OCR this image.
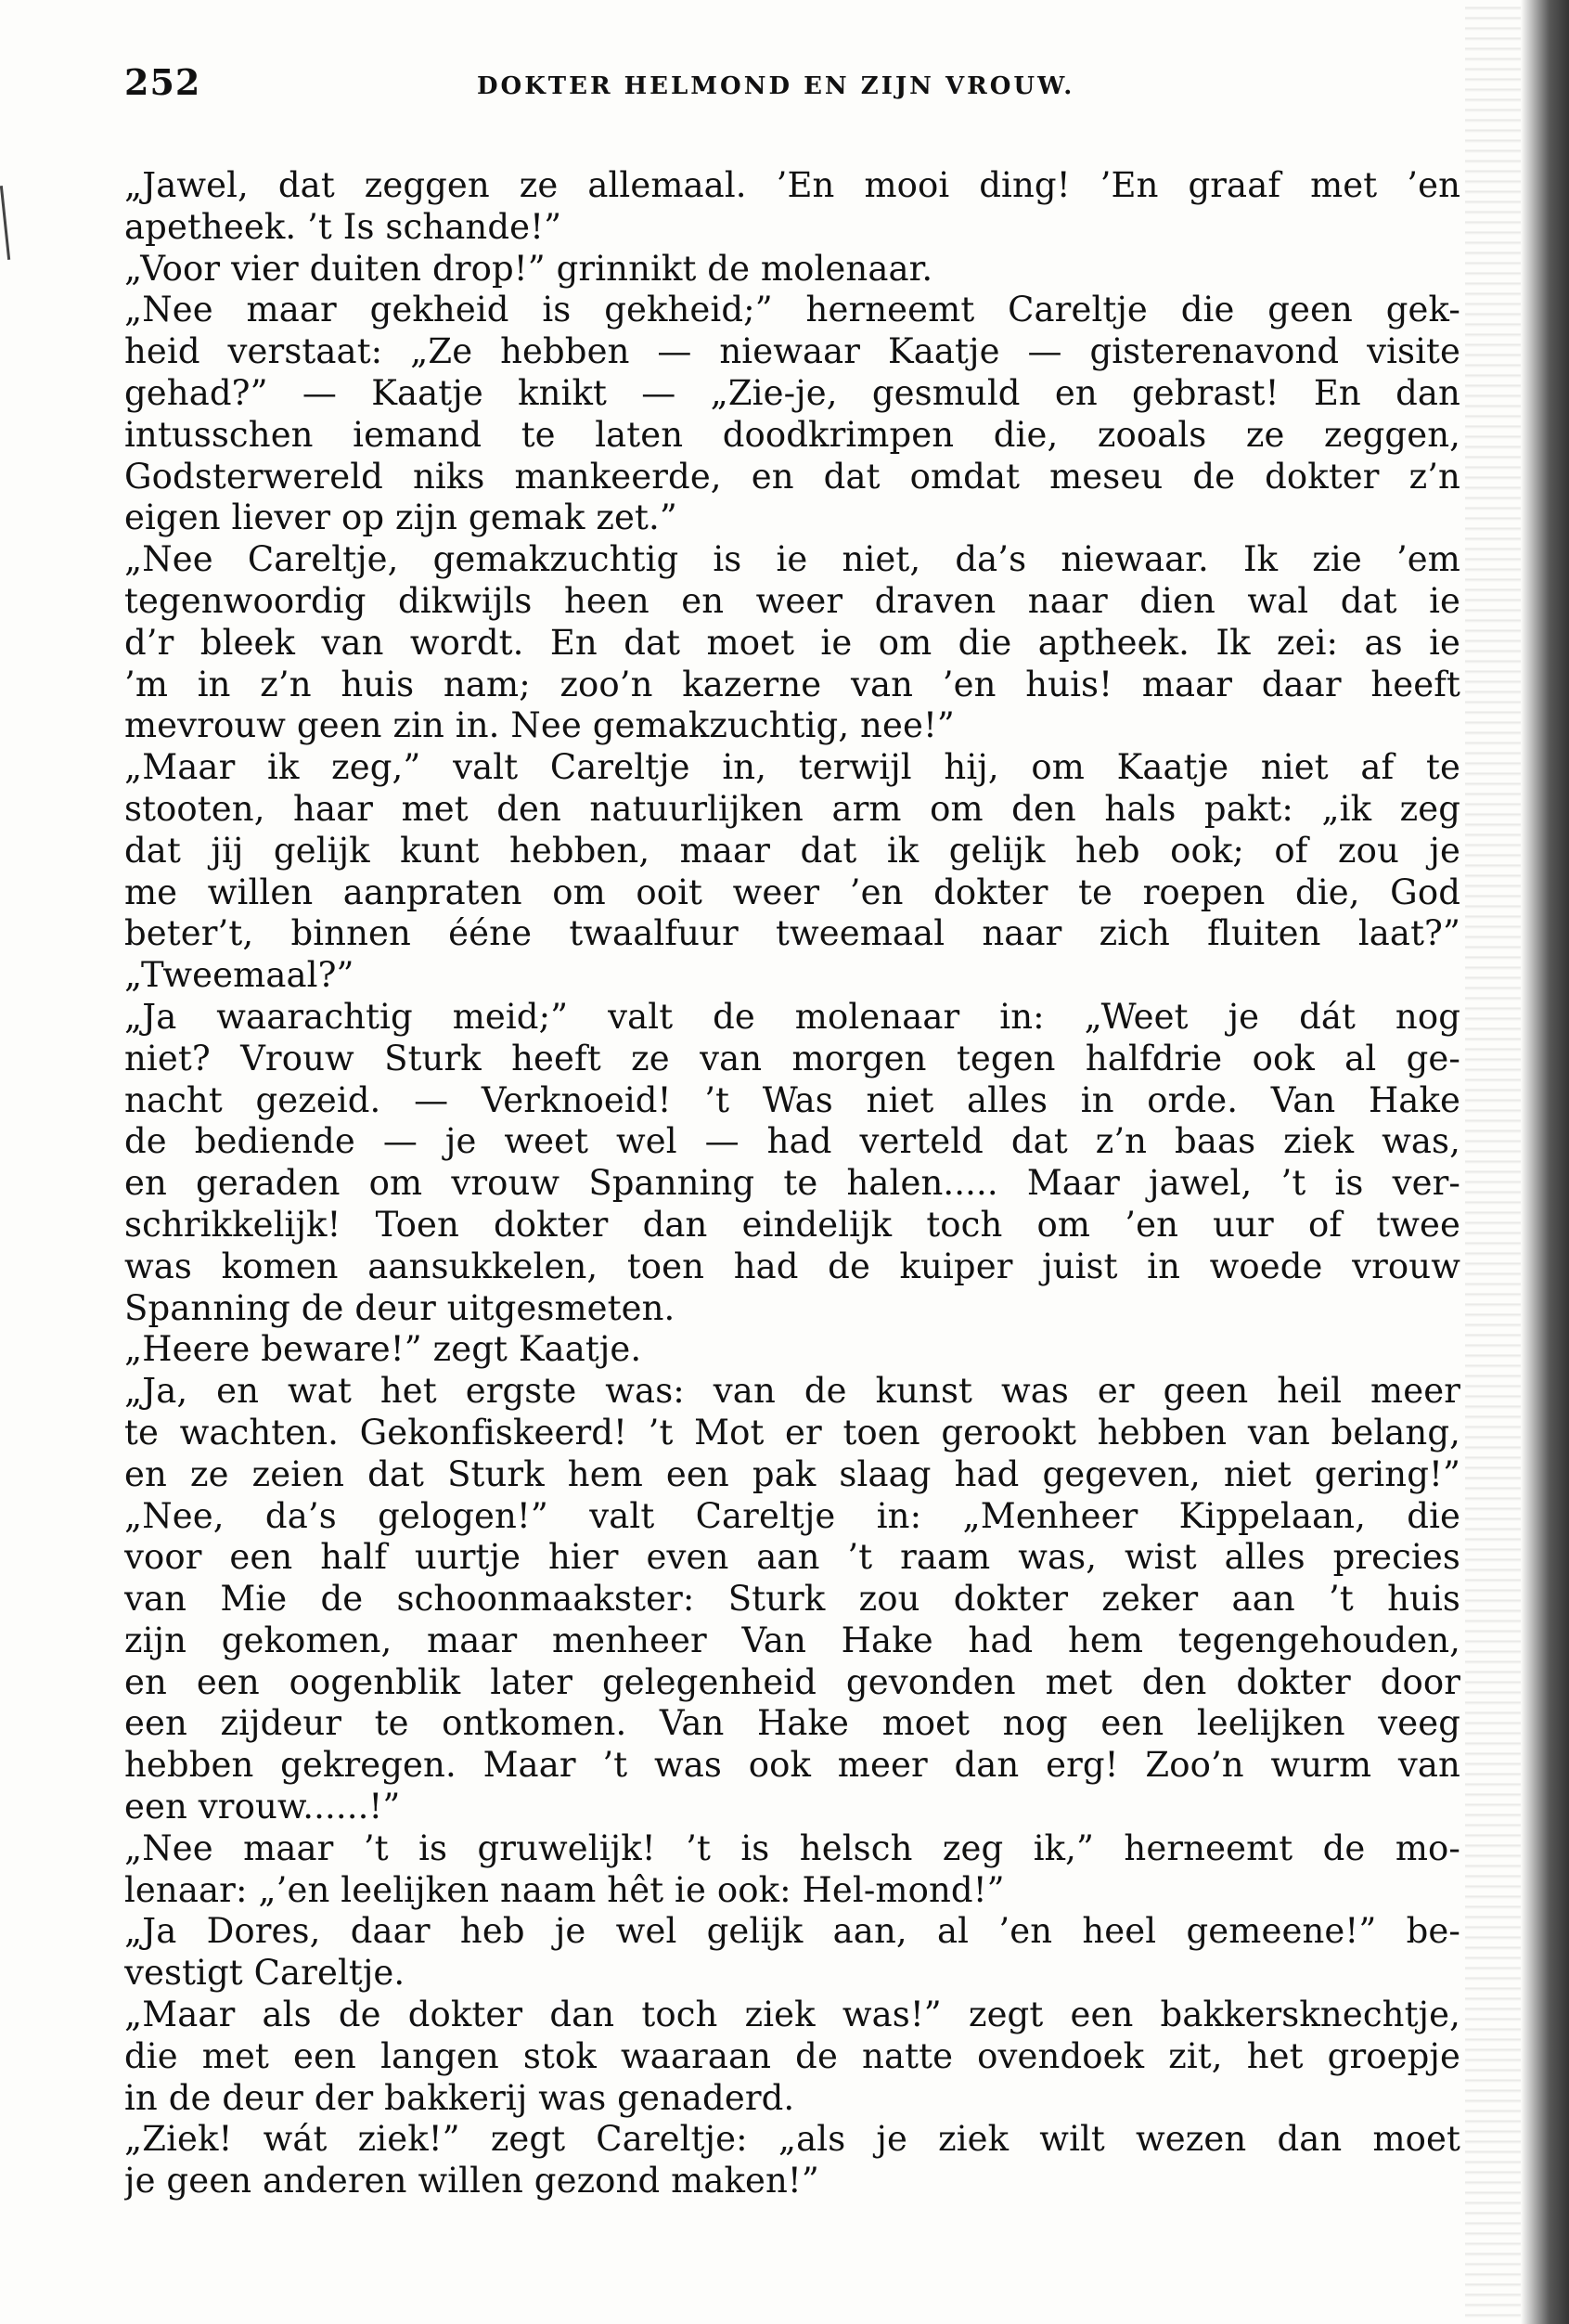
252	DOKTER HELMOND EN ZIJN VROUW.
„Jawel, dat zeggen ze allemaal. ’En mooi ding! ’En graaf met ’en
apetheek. ’t Is schande!”
„Voor vier duiten drop!” grinnikt de molenaar.
„Nee maar gekheid is gekheid;” herneemt Careltje die geen gek-
heid verstaat: „Ze hebben — niewaar Kaatje — gisterenavond visite
gehad?” — Kaatje knikt — „Zie-je, gesmuld en gebrast! En dan
intusschen iemand te laten doodkrimpen die, zooals ze zeggen,
Godsterwereld niks mankeerde, en dat omdat meseu de dokter z’n
eigen liever op zijn gemak zet.”
„Nee Careltje, gemakzuchtig is ie niet, da’s niewaar. Ik zie ’em
tegenwoordig dikwijls heen en weer draven naar dien wal dat ie
d’r bleek van wordt. En dat moet ie om die aptheek. Ik zei: as ie
’m in z’n huis nam; zoo’n kazerne van ’en huis! maar daar heeft
mevrouw geen zin in. Nee gemakzuchtig, nee!”
„Maar ik zeg,” valt Careltje in, terwijl hij, om Kaatje niet af te
stooten, haar met den natuurlijken arm om den hals pakt: „ik zeg
dat jij gelijk kunt hebben, maar dat ik gelijk heb ook; of zou je
me willen aanpraten om ooit weer ’en dokter te roepen die, God
beter’t, binnen ééne twaalfuur tweemaal naar zich fluiten laat?”
„Tweemaal?”
„Ja waarachtig meid;” valt de molenaar in: „Weet je dát nog
niet? Vrouw Sturk heeft ze van morgen tegen halfdrie ook al ge-
nacht gezeid. — Verknoeid! ’t Was niet alles in orde. Van Hake
de bediende — je weet wel — had verteld dat z’n baas ziek was,
en geraden om vrouw Spanning te halen..... Maar jawel, ’t is ver-
schrikkelijk! Toen dokter dan eindelijk toch om ’en uur of twee
was komen aansukkelen, toen had de kuiper juist in woede vrouw
Spanning de deur uitgesmeten.
„Heere beware!” zegt Kaatje.
„Ja, en wat het ergste was: van de kunst was er geen heil meer
te wachten. Gekonfiskeerd! ’t Mot er toen gerookt hebben van belang,
en ze zeien dat Sturk hem een pak slaag had gegeven, niet gering!”
„Nee, da’s gelogen!” valt Careltje in: „Menheer Kippelaan, die
voor een half uurtje hier even aan ’t raam was, wist alles precies
van Mie de schoonmaakster: Sturk zou dokter zeker aan ’t huis
zijn gekomen, maar menheer Van Hake had hem tegengehouden,
en een oogenblik later gelegenheid gevonden met den dokter door
een zijdeur te ontkomen. Van Hake moet nog een leelijken veeg
hebben gekregen. Maar ’t was ook meer dan erg! Zoo’n wurm van
een vrouw......!”
„Nee maar ’t is gruwelijk! ’t is helsch zeg ik,” herneemt de mo-
lenaar: „’en leelijken naam hêt ie ook: Hel-mond!”
„Ja Dores, daar heb je wel gelijk aan, al ’en heel gemeene!” be-
vestigt Careltje.
„Maar als de dokter dan toch ziek was!” zegt een bakkersknechtje,
die met een langen stok waaraan de natte ovendoek zit, het groepje
in de deur der bakkerij was genaderd.
„Ziek! wát ziek!” zegt Careltje: „als je ziek wilt wezen dan moet
je geen anderen willen gezond maken!”
